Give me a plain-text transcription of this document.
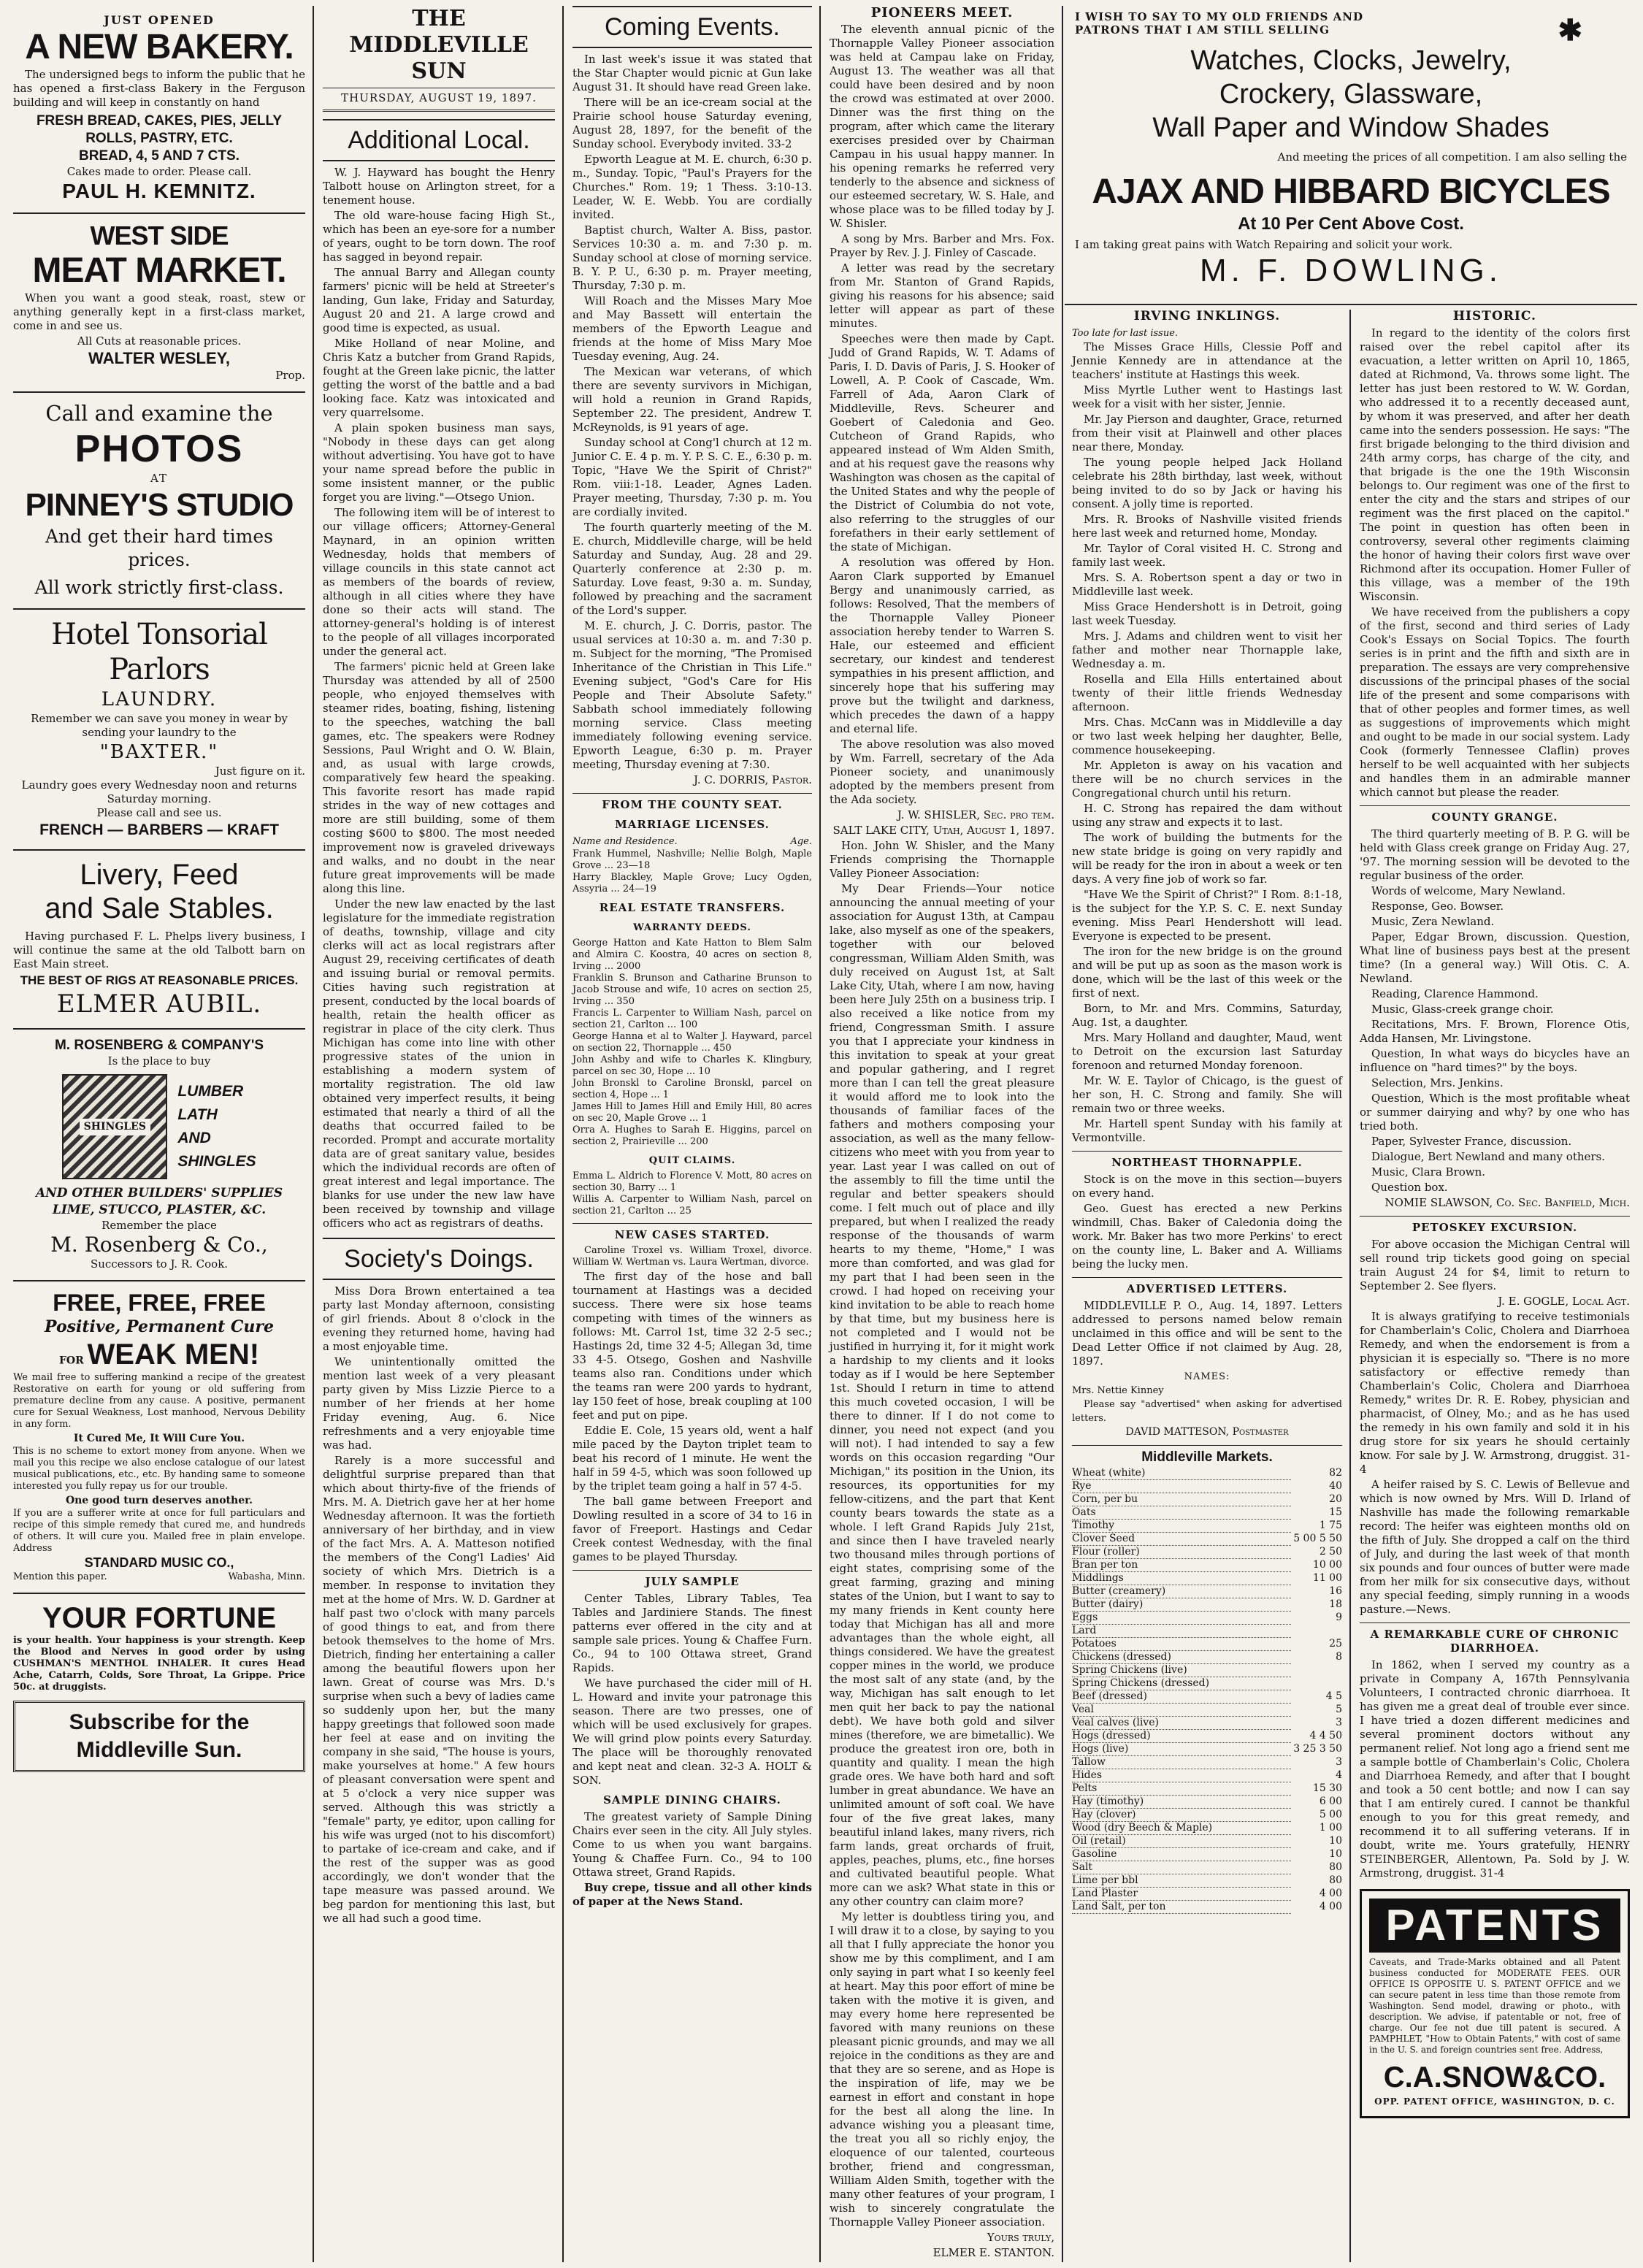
JUST OPENED
A NEW BAKERY.

The undersigned begs to inform the public that he has opened a first-class Bakery in the Ferguson building and will keep in constantly on hand

FRESH BREAD, CAKES, PIES, JELLY ROLLS, PASTRY, ETC.
BREAD, 4, 5 AND 7 CTS.
Cakes made to order. Please call.
PAUL H. KEMNITZ.
WEST SIDE
MEAT MARKET.

When you want a good steak, roast, stew or anything generally kept in a first-class market, come in and see us.

All Cuts at reasonable prices.
WALTER WESLEY,
Prop.
Call and examine the
PHOTOS
AT
PINNEY'S STUDIO
And get their hard times prices.
All work strictly first-class.
Hotel Tonsorial Parlors
LAUNDRY.
Remember we can save you money in wear by sending your laundry to the
"BAXTER."
Just figure on it.
Laundry goes every Wednesday noon and returns Saturday morning.
Please call and see us.
FRENCH — BARBERS — KRAFT
Livery, Feed
and Sale Stables.

Having purchased F. L. Phelps livery business, I will continue the same at the old Talbott barn on East Main street.

THE BEST OF RIGS AT REASONABLE PRICES.
ELMER AUBIL.
M. ROSENBERG & COMPANY'S
Is the place to buy
SHINGLES
LUMBER
LATH
AND
SHINGLES
AND OTHER BUILDERS' SUPPLIES LIME, STUCCO, PLASTER, &C.
Remember the place
M. Rosenberg & Co.,
Successors to J. R. Cook.
FREE, FREE, FREE
Positive, Permanent Cure
FOR WEAK MEN!

We mail free to suffering mankind a recipe of the greatest Restorative on earth for young or old suffering from premature decline from any cause. A positive, permanent cure for Sexual Weakness, Lost manhood, Nervous Debility in any form.

It Cured Me, It Will Cure You.

This is no scheme to extort money from anyone. When we mail you this recipe we also enclose catalogue of our latest musical publications, etc., etc. By handing same to someone interested you fully repay us for our trouble.

One good turn deserves another.

If you are a sufferer write at once for full particulars and recipe of this simple remedy that cured me, and hundreds of others. It will cure you. Mailed free in plain envelope. Address

STANDARD MUSIC CO.,
Mention this paper.	Wabasha, Minn.
YOUR FORTUNE

is your health. Your happiness is your strength. Keep the Blood and Nerves in good order by using CUSHMAN'S MENTHOL INHALER. It cures Head Ache, Catarrh, Colds, Sore Throat, La Grippe. Price 50c. at druggists.

Subscribe for the Middleville Sun.
THE MIDDLEVILLE SUN
THURSDAY, AUGUST 19, 1897.
Additional Local.

W. J. Hayward has bought the Henry Talbott house on Arlington street, for a tenement house.

The old ware-house facing High St., which has been an eye-sore for a number of years, ought to be torn down. The roof has sagged in beyond repair.

The annual Barry and Allegan county farmers' picnic will be held at Streeter's landing, Gun lake, Friday and Saturday, August 20 and 21. A large crowd and good time is expected, as usual.

Mike Holland of near Moline, and Chris Katz a butcher from Grand Rapids, fought at the Green lake picnic, the latter getting the worst of the battle and a bad looking face. Katz was intoxicated and very quarrelsome.

A plain spoken business man says, "Nobody in these days can get along without advertising. You have got to have your name spread before the public in some insistent manner, or the public forget you are living."—Otsego Union.

The following item will be of interest to our village officers; Attorney-General Maynard, in an opinion written Wednesday, holds that members of village councils in this state cannot act as members of the boards of review, although in all cities where they have done so their acts will stand. The attorney-general's holding is of interest to the people of all villages incorporated under the general act.

The farmers' picnic held at Green lake Thursday was attended by all of 2500 people, who enjoyed themselves with steamer rides, boating, fishing, listening to the speeches, watching the ball games, etc. The speakers were Rodney Sessions, Paul Wright and O. W. Blain, and, as usual with large crowds, comparatively few heard the speaking. This favorite resort has made rapid strides in the way of new cottages and more are still building, some of them costing $600 to $800. The most needed improvement now is graveled driveways and walks, and no doubt in the near future great improvements will be made along this line.

Under the new law enacted by the last legislature for the immediate registration of deaths, township, village and city clerks will act as local registrars after August 29, receiving certificates of death and issuing burial or removal permits. Cities having such registration at present, conducted by the local boards of health, retain the health officer as registrar in place of the city clerk. Thus Michigan has come into line with other progressive states of the union in establishing a modern system of mortality registration. The old law obtained very imperfect results, it being estimated that nearly a third of all the deaths that occurred failed to be recorded. Prompt and accurate mortality data are of great sanitary value, besides which the individual records are often of great interest and legal importance. The blanks for use under the new law have been received by township and village officers who act as registrars of deaths.

Society's Doings.

Miss Dora Brown entertained a tea party last Monday afternoon, consisting of girl friends. About 8 o'clock in the evening they returned home, having had a most enjoyable time.

We unintentionally omitted the mention last week of a very pleasant party given by Miss Lizzie Pierce to a number of her friends at her home Friday evening, Aug. 6. Nice refreshments and a very enjoyable time was had.

Rarely is a more successful and delightful surprise prepared than that which about thirty-five of the friends of Mrs. M. A. Dietrich gave her at her home Wednesday afternoon. It was the fortieth anniversary of her birthday, and in view of the fact Mrs. A. A. Matteson notified the members of the Cong'l Ladies' Aid society of which Mrs. Dietrich is a member. In response to invitation they met at the home of Mrs. W. D. Gardner at half past two o'clock with many parcels of good things to eat, and from there betook themselves to the home of Mrs. Dietrich, finding her entertaining a caller among the beautiful flowers upon her lawn. Great of course was Mrs. D.'s surprise when such a bevy of ladies came so suddenly upon her, but the many happy greetings that followed soon made her feel at ease and on inviting the company in she said, "The house is yours, make yourselves at home." A few hours of pleasant conversation were spent and at 5 o'clock a very nice supper was served. Although this was strictly a "female" party, ye editor, upon calling for his wife was urged (not to his discomfort) to partake of ice-cream and cake, and if the rest of the supper was as good accordingly, we don't wonder that the tape measure was passed around. We beg pardon for mentioning this last, but we all had such a good time.

Coming Events.

In last week's issue it was stated that the Star Chapter would picnic at Gun lake August 31. It should have read Green lake.

There will be an ice-cream social at the Prairie school house Saturday evening, August 28, 1897, for the benefit of the Sunday school. Everybody invited. 33-2

Epworth League at M. E. church, 6:30 p. m., Sunday. Topic, "Paul's Prayers for the Churches." Rom. 19; 1 Thess. 3:10-13. Leader, W. E. Webb. You are cordially invited.

Baptist church, Walter A. Biss, pastor. Services 10:30 a. m. and 7:30 p. m. Sunday school at close of morning service. B. Y. P. U., 6:30 p. m. Prayer meeting, Thursday, 7:30 p. m.

Will Roach and the Misses Mary Moe and May Bassett will entertain the members of the Epworth League and friends at the home of Miss Mary Moe Tuesday evening, Aug. 24.

The Mexican war veterans, of which there are seventy survivors in Michigan, will hold a reunion in Grand Rapids, September 22. The president, Andrew T. McReynolds, is 91 years of age.

Sunday school at Cong'l church at 12 m. Junior C. E. 4 p. m. Y. P. S. C. E., 6:30 p. m. Topic, "Have We the Spirit of Christ?" Rom. viii:1-18. Leader, Agnes Laden. Prayer meeting, Thursday, 7:30 p. m. You are cordially invited.

The fourth quarterly meeting of the M. E. church, Middleville charge, will be held Saturday and Sunday, Aug. 28 and 29. Quarterly conference at 2:30 p. m. Saturday. Love feast, 9:30 a. m. Sunday, followed by preaching and the sacrament of the Lord's supper.

M. E. church, J. C. Dorris, pastor. The usual services at 10:30 a. m. and 7:30 p. m. Subject for the morning, "The Promised Inheritance of the Christian in This Life." Evening subject, "God's Care for His People and Their Absolute Safety." Sabbath school immediately following morning service. Class meeting immediately following evening service. Epworth League, 6:30 p. m. Prayer meeting, Thursday evening at 7:30.

J. C. DORRIS, Pastor.

FROM THE COUNTY SEAT.
MARRIAGE LICENSES.
Name and Residence.	Age.
Frank Hummel, Nashville; Nellie Bolgh, Maple Grove ... 23—18
Harry Blackley, Maple Grove; Lucy Ogden, Assyria ... 24—19
REAL ESTATE TRANSFERS.
WARRANTY DEEDS.
George Hatton and Kate Hatton to Blem Salm and Almira C. Koostra, 40 acres on section 8, Irving ... 2000
Franklin S. Brunson and Catharine Brunson to Jacob Strouse and wife, 10 acres on section 25, Irving ... 350
Francis L. Carpenter to William Nash, parcel on section 21, Carlton ... 100
George Hanna et al to Walter J. Hayward, parcel on section 22, Thornapple ... 450
John Ashby and wife to Charles K. Klingbury, parcel on sec 30, Hope ... 10
John Bronskl to Caroline Bronskl, parcel on section 4, Hope ... 1
James Hill to James Hill and Emily Hill, 80 acres on sec 20, Maple Grove ... 1
Orra A. Hughes to Sarah E. Higgins, parcel on section 2, Prairieville ... 200
QUIT CLAIMS.
Emma L. Aldrich to Florence V. Mott, 80 acres on section 30, Barry ... 1
Willis A. Carpenter to William Nash, parcel on section 21, Carlton ... 25
NEW CASES STARTED.

Caroline Troxel vs. William Troxel, divorce. William W. Wertman vs. Laura Wertman, divorce.

The first day of the hose and ball tournament at Hastings was a decided success. There were six hose teams competing with times of the winners as follows: Mt. Carrol 1st, time 32 2-5 sec.; Hastings 2d, time 32 4-5; Allegan 3d, time 33 4-5. Otsego, Goshen and Nashville teams also ran. Conditions under which the teams ran were 200 yards to hydrant, lay 150 feet of hose, break coupling at 100 feet and put on pipe.

Eddie E. Cole, 15 years old, went a half mile paced by the Dayton triplet team to beat his record of 1 minute. He went the half in 59 4-5, which was soon followed up by the triplet team going a half in 57 4-5.

The ball game between Freeport and Dowling resulted in a score of 34 to 16 in favor of Freeport. Hastings and Cedar Creek contest Wednesday, with the final games to be played Thursday.

JULY SAMPLE

Center Tables, Library Tables, Tea Tables and Jardiniere Stands. The finest patterns ever offered in the city and at sample sale prices. Young & Chaffee Furn. Co., 94 to 100 Ottawa street, Grand Rapids.

We have purchased the cider mill of H. L. Howard and invite your patronage this season. There are two presses, one of which will be used exclusively for grapes. We will grind plow points every Saturday. The place will be thoroughly renovated and kept neat and clean. 32-3 A. HOLT & SON.

SAMPLE DINING CHAIRS.

The greatest variety of Sample Dining Chairs ever seen in the city. All July styles. Come to us when you want bargains. Young & Chaffee Furn. Co., 94 to 100 Ottawa street, Grand Rapids.

Buy crepe, tissue and all other kinds of paper at the News Stand.

PIONEERS MEET.

The eleventh annual picnic of the Thornapple Valley Pioneer association was held at Campau lake on Friday, August 13. The weather was all that could have been desired and by noon the crowd was estimated at over 2000. Dinner was the first thing on the program, after which came the literary exercises presided over by Chairman Campau in his usual happy manner. In his opening remarks he referred very tenderly to the absence and sickness of our esteemed secretary, W. S. Hale, and whose place was to be filled today by J. W. Shisler.

A song by Mrs. Barber and Mrs. Fox. Prayer by Rev. J. J. Finley of Cascade.

A letter was read by the secretary from Mr. Stanton of Grand Rapids, giving his reasons for his absence; said letter will appear as part of these minutes.

Speeches were then made by Capt. Judd of Grand Rapids, W. T. Adams of Paris, I. D. Davis of Paris, J. S. Hooker of Lowell, A. P. Cook of Cascade, Wm. Farrell of Ada, Aaron Clark of Middleville, Revs. Scheurer and Goebert of Caledonia and Geo. Cutcheon of Grand Rapids, who appeared instead of Wm Alden Smith, and at his request gave the reasons why Washington was chosen as the capital of the United States and why the people of the District of Columbia do not vote, also referring to the struggles of our forefathers in their early settlement of the state of Michigan.

A resolution was offered by Hon. Aaron Clark supported by Emanuel Bergy and unanimously carried, as follows: Resolved, That the members of the Thornapple Valley Pioneer association hereby tender to Warren S. Hale, our esteemed and efficient secretary, our kindest and tenderest sympathies in his present affliction, and sincerely hope that his suffering may prove but the twilight and darkness, which precedes the dawn of a happy and eternal life.

The above resolution was also moved by Wm. Farrell, secretary of the Ada Pioneer society, and unanimously adopted by the members present from the Ada society.

J. W. SHISLER, Sec. pro tem.

SALT LAKE CITY, Utah, August 1, 1897.

Hon. John W. Shisler, and the Many Friends comprising the Thornapple Valley Pioneer Association:

My Dear Friends—Your notice announcing the annual meeting of your association for August 13th, at Campau lake, also myself as one of the speakers, together with our beloved congressman, William Alden Smith, was duly received on August 1st, at Salt Lake City, Utah, where I am now, having been here July 25th on a business trip. I also received a like notice from my friend, Congressman Smith. I assure you that I appreciate your kindness in this invitation to speak at your great and popular gathering, and I regret more than I can tell the great pleasure it would afford me to look into the thousands of familiar faces of the fathers and mothers composing your association, as well as the many fellow-citizens who meet with you from year to year. Last year I was called on out of the assembly to fill the time until the regular and better speakers should come. I felt much out of place and illy prepared, but when I realized the ready response of the thousands of warm hearts to my theme, "Home," I was more than comforted, and was glad for my part that I had been seen in the crowd. I had hoped on receiving your kind invitation to be able to reach home by that time, but my business here is not completed and I would not be justified in hurrying it, for it might work a hardship to my clients and it looks today as if I would be here September 1st. Should I return in time to attend this much coveted occasion, I will be there to dinner. If I do not come to dinner, you need not expect (and you will not). I had intended to say a few words on this occasion regarding "Our Michigan," its position in the Union, its resources, its opportunities for my fellow-citizens, and the part that Kent county bears towards the state as a whole. I left Grand Rapids July 21st, and since then I have traveled nearly two thousand miles through portions of eight states, comprising some of the great farming, grazing and mining states of the Union, but I want to say to my many friends in Kent county here today that Michigan has all and more advantages than the whole eight, all things considered. We have the greatest copper mines in the world, we produce the most salt of any state (and, by the way, Michigan has salt enough to let men quit her back to pay the national debt). We have both gold and silver mines (therefore, we are bimetallic). We produce the greatest iron ore, both in quantity and quality. I mean the high grade ores. We have both hard and soft lumber in great abundance. We have an unlimited amount of soft coal. We have four of the five great lakes, many beautiful inland lakes, many rivers, rich farm lands, great orchards of fruit, apples, peaches, plums, etc., fine horses and cultivated beautiful people. What more can we ask? What state in this or any other country can claim more?

My letter is doubtless tiring you, and I will draw it to a close, by saying to you all that I fully appreciate the honor you show me by this compliment, and I am only saying in part what I so keenly feel at heart. May this poor effort of mine be taken with the motive it is given, and may every home here represented be favored with many reunions on these pleasant picnic grounds, and may we all rejoice in the conditions as they are and that they are so serene, and as Hope is the inspiration of life, may we be earnest in effort and constant in hope for the best all along the line. In advance wishing you a pleasant time, the treat you all so richly enjoy, the eloquence of our talented, courteous brother, friend and congressman, William Alden Smith, together with the many other features of your program, I wish to sincerely congratulate the Thornapple Valley Pioneer association.

Yours truly,

ELMER E. STANTON.

I WISH TO SAY TO MY OLD FRIENDS AND
PATRONS THAT I AM STILL SELLING	✱
Watches, Clocks, Jewelry,
Crockery, Glassware,
Wall Paper and Window Shades
And meeting the prices of all competition. I am also selling the
AJAX AND HIBBARD BICYCLES
At 10 Per Cent Above Cost.
I am taking great pains with Watch Repairing and solicit your work.
M. F. DOWLING.
IRVING INKLINGS.
Too late for last issue.

The Misses Grace Hills, Clessie Poff and Jennie Kennedy are in attendance at the teachers' institute at Hastings this week.

Miss Myrtle Luther went to Hastings last week for a visit with her sister, Jennie.

Mr. Jay Pierson and daughter, Grace, returned from their visit at Plainwell and other places near there, Monday.

The young people helped Jack Holland celebrate his 28th birthday, last week, without being invited to do so by Jack or having his consent. A jolly time is reported.

Mrs. R. Brooks of Nashville visited friends here last week and returned home, Monday.

Mr. Taylor of Coral visited H. C. Strong and family last week.

Mrs. S. A. Robertson spent a day or two in Middleville last week.

Miss Grace Hendershott is in Detroit, going last week Tuesday.

Mrs. J. Adams and children went to visit her father and mother near Thornapple lake, Wednesday a. m.

Rosella and Ella Hills entertained about twenty of their little friends Wednesday afternoon.

Mrs. Chas. McCann was in Middleville a day or two last week helping her daughter, Belle, commence housekeeping.

Mr. Appleton is away on his vacation and there will be no church services in the Congregational church until his return.

H. C. Strong has repaired the dam without using any straw and expects it to last.

The work of building the butments for the new state bridge is going on very rapidly and will be ready for the iron in about a week or ten days. A very fine job of work so far.

"Have We the Spirit of Christ?" I Rom. 8:1-18, is the subject for the Y.P. S. C. E. next Sunday evening. Miss Pearl Hendershott will lead. Everyone is expected to be present.

The iron for the new bridge is on the ground and will be put up as soon as the mason work is done, which will be the last of this week or the first of next.

Born, to Mr. and Mrs. Commins, Saturday, Aug. 1st, a daughter.

Mrs. Mary Holland and daughter, Maud, went to Detroit on the excursion last Saturday forenoon and returned Monday forenoon.

Mr. W. E. Taylor of Chicago, is the guest of her son, H. C. Strong and family. She will remain two or three weeks.

Mr. Hartell spent Sunday with his family at Vermontville.

NORTHEAST THORNAPPLE.

Stock is on the move in this section—buyers on every hand.

Geo. Guest has erected a new Perkins windmill, Chas. Baker of Caledonia doing the work. Mr. Baker has two more Perkins' to erect on the county line, L. Baker and A. Williams being the lucky men.

ADVERTISED LETTERS.

MIDDLEVILLE P. O., Aug. 14, 1897. Letters addressed to persons named below remain unclaimed in this office and will be sent to the Dead Letter Office if not claimed by Aug. 28, 1897.

NAMES:
Mrs. Nettie Kinney
Please say "advertised" when asking for advertised letters.
DAVID MATTESON, Postmaster
Middleville Markets.
Wheat (white)	82
Rye	40
Corn, per bu	20
Oats	15
Timothy	1 75
Clover Seed	5 00 5 50
Flour (roller)	2 50
Bran per ton	10 00
Middlings	11 00
Butter (creamery)	16
Butter (dairy)	18
Eggs	9
Lard	
Potatoes	25
Chickens (dressed)	8
Spring Chickens (live)	
Spring Chickens (dressed)	
Beef (dressed)	4 5
Veal	5
Veal calves (live)	3
Hogs (dressed)	4 4 50
Hogs (live)	3 25 3 50
Tallow	3
Hides	4
Pelts	15 30
Hay (timothy)	6 00
Hay (clover)	5 00
Wood (dry Beech & Maple)	1 00
Oil (retail)	10
Gasoline	10
Salt	80
Lime per bbl	80
Land Plaster	4 00
Land Salt, per ton	4 00
HISTORIC.

In regard to the identity of the colors first raised over the rebel capitol after its evacuation, a letter written on April 10, 1865, dated at Richmond, Va. throws some light. The letter has just been restored to W. W. Gordan, who addressed it to a recently deceased aunt, by whom it was preserved, and after her death came into the senders possession. He says: "The first brigade belonging to the third division and 24th army corps, has charge of the city, and that brigade is the one the 19th Wisconsin belongs to. Our regiment was one of the first to enter the city and the stars and stripes of our regiment was the first placed on the capitol." The point in question has often been in controversy, several other regiments claiming the honor of having their colors first wave over Richmond after its occupation. Homer Fuller of this village, was a member of the 19th Wisconsin.

We have received from the publishers a copy of the first, second and third series of Lady Cook's Essays on Social Topics. The fourth series is in print and the fifth and sixth are in preparation. The essays are very comprehensive discussions of the principal phases of the social life of the present and some comparisons with that of other peoples and former times, as well as suggestions of improvements which might and ought to be made in our social system. Lady Cook (formerly Tennessee Claflin) proves herself to be well acquainted with her subjects and handles them in an admirable manner which cannot but please the reader.

COUNTY GRANGE.

The third quarterly meeting of B. P. G. will be held with Glass creek grange on Friday Aug. 27, '97. The morning session will be devoted to the regular business of the order.

Words of welcome, Mary Newland.

Response, Geo. Bowser.

Music, Zera Newland.

Paper, Edgar Brown, discussion. Question, What line of business pays best at the present time? (In a general way.) Will Otis. C. A. Newland.

Reading, Clarence Hammond.

Music, Glass-creek grange choir.

Recitations, Mrs. F. Brown, Florence Otis, Adda Hansen, Mr. Livingstone.

Question, In what ways do bicycles have an influence on "hard times?" by the boys.

Selection, Mrs. Jenkins.

Question, Which is the most profitable wheat or summer dairying and why? by one who has tried both.

Paper, Sylvester France, discussion.

Dialogue, Bert Newland and many others.

Music, Clara Brown.

Question box.

NOMIE SLAWSON, Co. Sec. Banfield, Mich.

PETOSKEY EXCURSION.

For above occasion the Michigan Central will sell round trip tickets good going on special train August 24 for $4, limit to return to September 2. See flyers.

J. E. GOGLE, Local Agt.

It is always gratifying to receive testimonials for Chamberlain's Colic, Cholera and Diarrhoea Remedy, and when the endorsement is from a physician it is especially so. "There is no more satisfactory or effective remedy than Chamberlain's Colic, Cholera and Diarrhoea Remedy," writes Dr. R. E. Robey, physician and pharmacist, of Olney, Mo.; and as he has used the remedy in his own family and sold it in his drug store for six years he should certainly know. For sale by J. W. Armstrong, druggist. 31-4

A heifer raised by S. C. Lewis of Bellevue and which is now owned by Mrs. Will D. Irland of Nashville has made the following remarkable record: The heifer was eighteen months old on the fifth of July. She dropped a calf on the third of July, and during the last week of that month six pounds and four ounces of butter were made from her milk for six consecutive days, without any special feeding, simply running in a woods pasture.—News.

A REMARKABLE CURE OF CHRONIC DIARRHOEA.

In 1862, when I served my country as a private in Company A, 167th Pennsylvania Volunteers, I contracted chronic diarrhoea. It has given me a great deal of trouble ever since. I have tried a dozen different medicines and several prominent doctors without any permanent relief. Not long ago a friend sent me a sample bottle of Chamberlain's Colic, Cholera and Diarrhoea Remedy, and after that I bought and took a 50 cent bottle; and now I can say that I am entirely cured. I cannot be thankful enough to you for this great remedy, and recommend it to all suffering veterans. If in doubt, write me. Yours gratefully, HENRY STEINBERGER, Allentown, Pa. Sold by J. W. Armstrong, druggist. 31-4

PATENTS

Caveats, and Trade-Marks obtained and all Patent business conducted for MODERATE FEES. OUR OFFICE IS OPPOSITE U. S. PATENT OFFICE and we can secure patent in less time than those remote from Washington. Send model, drawing or photo., with description. We advise, if patentable or not, free of charge. Our fee not due till patent is secured. A PAMPHLET, "How to Obtain Patents," with cost of same in the U. S. and foreign countries sent free. Address,

C.A.SNOW&CO.
OPP. PATENT OFFICE, WASHINGTON, D. C.
